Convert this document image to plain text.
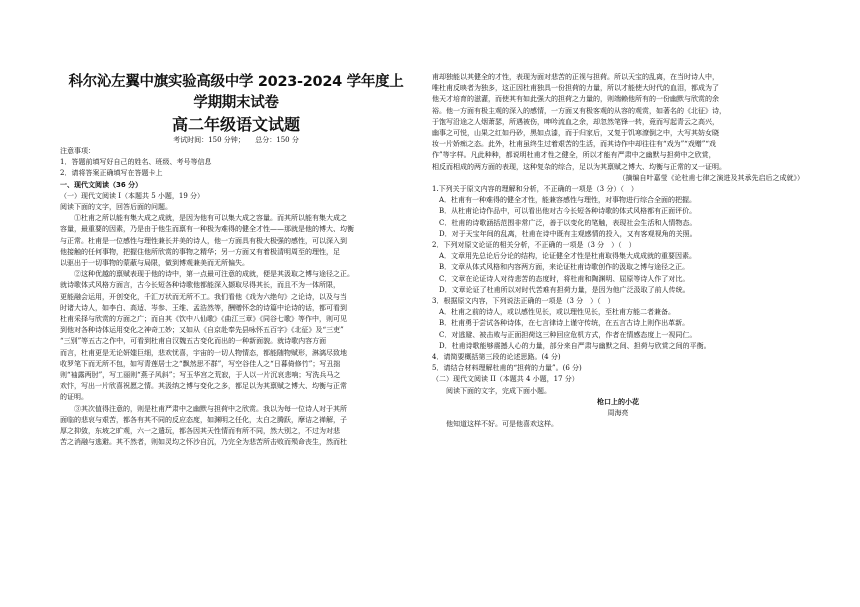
科尔沁左翼中旗实验高级中学 2023-2024 学年度上
学期期末试卷
高二年级语文试题
考试时间：150 分钟；　　总分：150 分
注意事项：
1．答题前填写好自己的姓名、班级、考号等信息
2．请将答案正确填写在答题卡上
一、现代文阅读（36 分）
（一）现代文阅读 I（本题共 5 小题，19 分）
阅读下面的文字，回答后面的问题。
①杜甫之所以能有集大成之成就，是因为他有可以集大成之容量。而其所以能有集大成之
容量，最重要的因素，乃是由于他生而禀有一种极为难得的健全才性——那就是他的博大、均衡
与正常。杜甫是一位感性与理性兼长并美的诗人，他一方面具有极大极强的感性，可以深入到
他接触的任何事物，把握住他所欣赏的事物之精华；另一方面又有着极清明周至的理性，足
以驱出于一切事物的蒙蔽与局限，做到博观兼美而无所偏失。
②这种优越的禀赋表现于他的诗中，第一点最可注意的成就，便是其汲取之博与途径之正。
就诗歌体式风格方面言，古今长短各种诗歌他都能深入撷取尽得其长，而且不为一体所限，
更能融会运用，开创变化，千汇万状而无所不工。我们看他《戏为六绝句》之论诗，以及与当
时诸大诗人，如李白、高适、岑参、王维、孟浩然等，酬赠怀念的诗篇中论诗的话，都可看到
杜甫采择与欣赏的方面之广；而自其《饮中八仙歌》《曲江三章》《同谷七歌》等作中，则可见
到他对各种诗体运用变化之神奇工妙；又如从《自京赴奉先县咏怀五百字》《北征》及“三吏”
“三别”等五古之作中，可看到杜甫自汉魏五古变化而出的一种新面貌。就诗歌内容方面
而言，杜甫更是无论妍媸巨细，悲欢忧喜，宇宙的一切人物情态，都能随物赋形，淋漓尽致地
收罗笔下而无所不包，如写青莲居士之“飘然思不群”，写空谷佳人之“日暮倚修竹”；写丑拙
则“袖露两肘”，写工丽则“燕子风斜”；写玉华宫之荒寂，于人以一片沉哀悲响；写洗兵马之
欢忭，写出一片欣喜祝愿之情。其汲纳之博与变化之多，都足以为其禀赋之博大、均衡与正常
的证明。
③其次值得注意的，则是杜甫严肃中之幽默与担荷中之欣赏。我以为每一位诗人对于其所
面临的悲哀与艰苦，都各有其不同的反应态度，如渊明之任化，太白之腾跃，摩诘之禅解，子
厚之抑敛，东坡之旷观，六一之遣玩，都各因其天性情而有所不同，然大别之，不过为对悲
苦之消融与逃避。其不然者，则如灵均之怀沙自沉，乃完全为悲苦所击败而殒命丧生，然而杜
甫却独能以其健全的才性，表现为面对悲苦的正视与担荷。所以天宝的乱离，在当时诗人中，
唯杜甫反映者为独多，这正因杜甫独具一份担荷的力量，所以才能使大时代的血泪，都成为了
他天才培育的滋灌，而使其有如此强大的担荷之力量的，则端赖他所有的一份幽默与欣赏的余
裕。他一方面有极主观的深入的感情，一方面又有极客观的从容的观赏，如著名的《北征》诗，
于饱写沿途之人烟萧瑟，所遇被伤，呻吟流血之余，却忽然笔锋一转，竟而写起青云之高兴，
幽事之可悦，山果之红如丹砂，黑如点漆，而于归家后，又复于饥寒潦倒之中，大写其妨女晓
妆一片娇痴之态。此外，杜甫虽终生过着艰苦的生活，而其诗作中却往往有“戏为”“戏赠”“戏
作”等字样。凡此种种，都说明杜甫才性之健全，所以才能有严肃中之幽默与担荷中之欣赏，
相反而相成的两方面的表现，这种复杂的综合，足以为其禀赋之博大、均衡与正常的又一证明。
（摘编自叶嘉莹《论杜甫七律之演进及其承先启后之成就》）
1.下列关于原文内容的理解和分析，不正确的一项是（3 分）（　）
A．杜甫有一种难得的健全才性，能兼容感性与理性，对事物进行综合全面的把握。
B．从杜甫论诗作品中，可以看出他对古今长短各种诗歌的体式风格都有正面评价。
C．杜甫的诗歌涵括范围非常广泛，善于以变化的笔触，表现社会生活和人情物态。
D．对于天宝年间的乱离，杜甫在诗中既有主观感情的投入，又有客观视角的关照。
2．下列对原文论证的相关分析，不正确的一项是（3 分　）（　）
A．文章用先总论后分论的结构，论证健全才性是杜甫取得集大成成就的重要因素。
B．文章从体式风格和内容两方面，来论证杜甫诗歌创作的汲取之博与途径之正。
C．文章在论证诗人对待悲苦的态度时，将杜甫和陶渊明、屈原等诗人作了对比。
D．文章论证了杜甫所以对时代苦难有担荷力量，是因为他广泛汲取了前人传统。
3．根据原文内容，下列说法正确的一项是（3 分　）（　）
A．杜甫之前的诗人，或以感性见长，或以理性见长，至杜甫方能二者兼备。
B．杜甫勇于尝试各种诗体，在七言律诗上谨守传统，在五言古诗上则作出革新。
C．对逃避、被击败与正面担荷这三种回应危机方式，作者在情感态度上一视同仁。
D．杜甫诗歌能够震撼人心的力量，部分来自严肃与幽默之间、担荷与欣赏之间的平衡。
4．请简要概括第三段的论述思路。(4 分)
5．请结合材料理解杜甫的“担荷的力量”。(6 分)
（二）现代文阅读 II（本题共 4 小题，17 分）
阅读下面的文字，完成下面小题。
枪口上的小花
周海亮
他知道这样不好。可是他喜欢这样。
